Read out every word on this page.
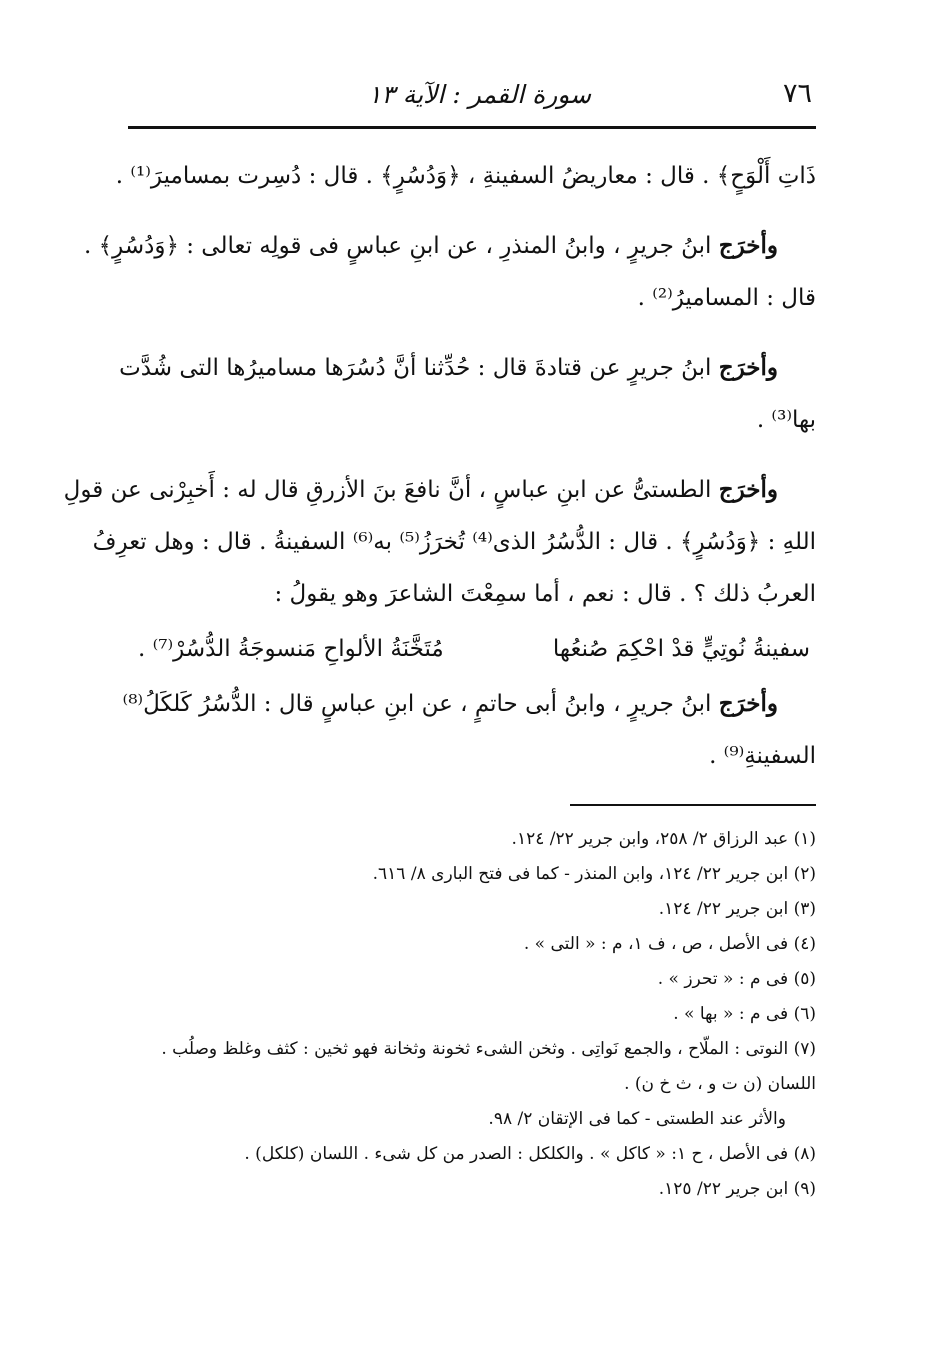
٧٦
سورة القمر : الآية ١٣
ذَاتِ أَلْوَحٍ﴾ . قال : معاريضُ السفينةِ ، ﴿وَدُسُرٍ﴾ . قال : دُسِرت بمساميرَ⁽¹⁾ .
وأخرَج ابنُ جريرٍ ، وابنُ المنذرِ ، عن ابنِ عباسٍ فى قولِه تعالى : ﴿وَدُسُرٍ﴾ .
قال : المساميرُ⁽²⁾ .
وأخرَج ابنُ جريرٍ عن قتادةَ قال : حُدِّثنا أنَّ دُسُرَها مساميرُها التى شُدَّت
بها⁽³⁾ .
وأخرَج الطستىُّ عن ابنِ عباسٍ ، أنَّ نافعَ بنَ الأزرقِ قال له : أَخبِرْنى عن قولِ
اللهِ : ﴿وَدُسُرٍ﴾ . قال : الدُّسُرُ الذى⁽⁴⁾ تُخرَزُ⁽⁵⁾ به⁽⁶⁾ السفينةُ . قال : وهل تعرِفُ
العربُ ذلك ؟ . قال : نعم ، أما سمِعْتَ الشاعرَ وهو يقولُ :
سفينةُ نُوتِيٍّ قدْ احْكِمَ صُنعُها
مُتَخَّنَةُ الألواحِ مَنسوجَةُ الدُّسُرْ⁽⁷⁾ .
وأخرَج ابنُ جريرٍ ، وابنُ أبى حاتمٍ ، عن ابنِ عباسٍ قال : الدُّسُرُ كَلكَلُ⁽⁸⁾
السفينةِ⁽⁹⁾ .
(١) عبد الرزاق ٢/ ٢٥٨، وابن جرير ٢٢/ ١٢٤.
(٢) ابن جرير ٢٢/ ١٢٤، وابن المنذر - كما فى فتح البارى ٨/ ٦١٦.
(٣) ابن جرير ٢٢/ ١٢٤.
(٤) فى الأصل ، ص ، ف ١، م : « التى » .
(٥) فى م : « تحرز » .
(٦) فى م : « بها » .
(٧) النوتى : الملّاح ، والجمع نَواتِى . وثخن الشىء ثخونة وثخانة فهو ثخين : كثف وغلظ وصلُب .
اللسان (ن ت و ، ث خ ن) .
والأثر عند الطستى - كما فى الإتقان ٢/ ٩٨.
(٨) فى الأصل ، ح ١: « كاكل » . والكلكل : الصدر من كل شىء . اللسان (كلكل) .
(٩) ابن جرير ٢٢/ ١٢٥.
